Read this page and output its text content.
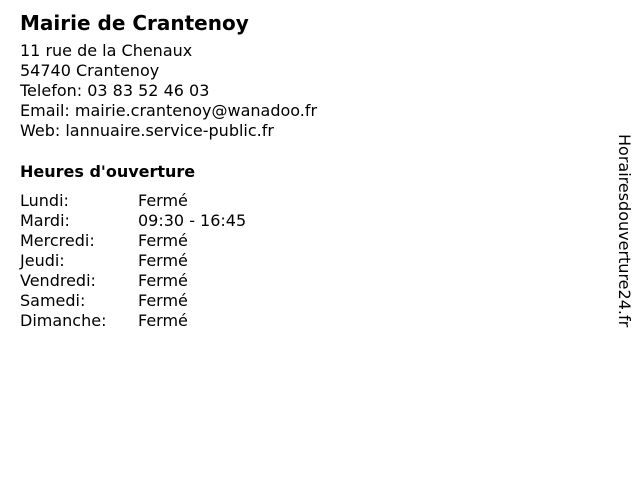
Mairie de Crantenoy
11 rue de la Chenaux
54740 Crantenoy
Telefon: 03 83 52 46 03
Email: mairie.crantenoy@wanadoo.fr
Web: lannuaire.service-public.fr
Heures d'ouverture
Lundi:	Fermé
Mardi:	09:30 - 16:45
Mercredi:	Fermé
Jeudi:	Fermé
Vendredi:	Fermé
Samedi:	Fermé
Dimanche:	Fermé	Horairesdouverture24.fr
